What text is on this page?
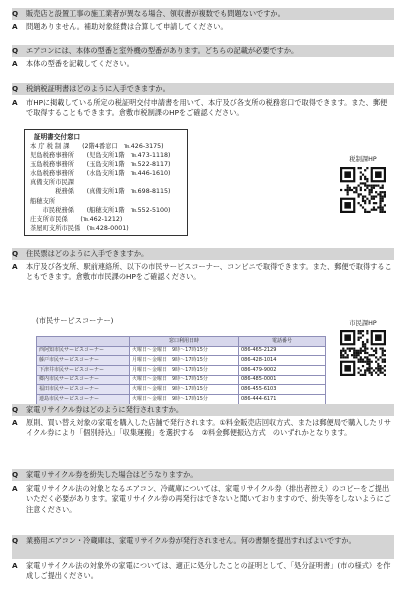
Q 販売店と設置工事の施工業者が異なる場合、領収書が複数でも問題ないですか。
A 問題ありません。補助対象経費は合算して申請してください。
Q エアコンには、本体の型番と室外機の型番があります。どちらの記載が必要ですか。
A 本体の型番を記載してください。
Q 税納税証明書はどのように入手できますか。
A 市HPに掲載している所定の税証明交付申請書を用いて、本庁及び各支所の税務窓口で取得できます。また、郵便で取得することもできます。倉敷市税制課のHPをご確認ください。
証明書交付窓口
本 庁 税 制 課　　(2階4番窓口　℡426-3175)
児島税務事務所　　(児島支所1階　℡473-1118)
玉島税務事務所　　(玉島支所1階　℡522-8117)
水島税務事務所　　(水島支所1階　℡446-1610)
真備支所市民課
　　　　税務係　　(真備支所1階　℡698-8115)
船穂支所
　　市民税務係　　(船穂支所1階　℡552-5100)
庄支所市民係　　(℡462-1212)
茶屋町支所市民係　(℡428-0001)
税制課HP
Q 住民票はどのように入手できますか。
A 本庁及び各支所、駅前連絡所、以下の市民サービスコーナー、コンビニで取得できます。また、郵便で取得することもできます。倉敷市市民課のHPをご確認ください。
(市民サービスコーナー)
	窓口利用日時	電話番号
西阿知市民サービスコーナー	火曜日～金曜日　9時～17時15分	086-465-2129
藤戸市民サービスコーナー	月曜日～金曜日　9時～17時15分	086-428-1014
下津井市民サービスコーナー	月曜日～金曜日　9時～17時15分	086-479-9002
郷内市民サービスコーナー	火曜日～金曜日　9時～17時15分	086-485-0001
福田市民サービスコーナー	火曜日～金曜日　9時～17時15分	086-455-6103
連島市民サービスコーナー	火曜日～金曜日　9時～17時15分	086-444-6171
市民課HP
Q 家電リサイクル券はどのように発行されますか。
A 原則、買い替え対象の家電を購入した店舗で発行されます。①料金販売店回収方式、または郵便局で購入したリサイクル券により「個別持込」「収集運搬」を選択する　②料金郵便振込方式　のいずれかとなります。
Q 家電リサイクル券を紛失した場合はどうなりますか。
A 家電リサイクル法の対象となるエアコン、冷蔵庫については、家電リサイクル券（排出者控え）のコピーをご提出いただく必要があります。家電リサイクル券の再発行はできないと聞いておりますので、紛失等をしないようにご注意ください。
Q 業務用エアコン・冷蔵庫は、家電リサイクル券が発行されません。何の書類を提出すればよいですか。
A 家電リサイクル法の対象外の家電については、適正に処分したことの証明として、「処分証明書」(市の様式）を作成しご提出ください。
